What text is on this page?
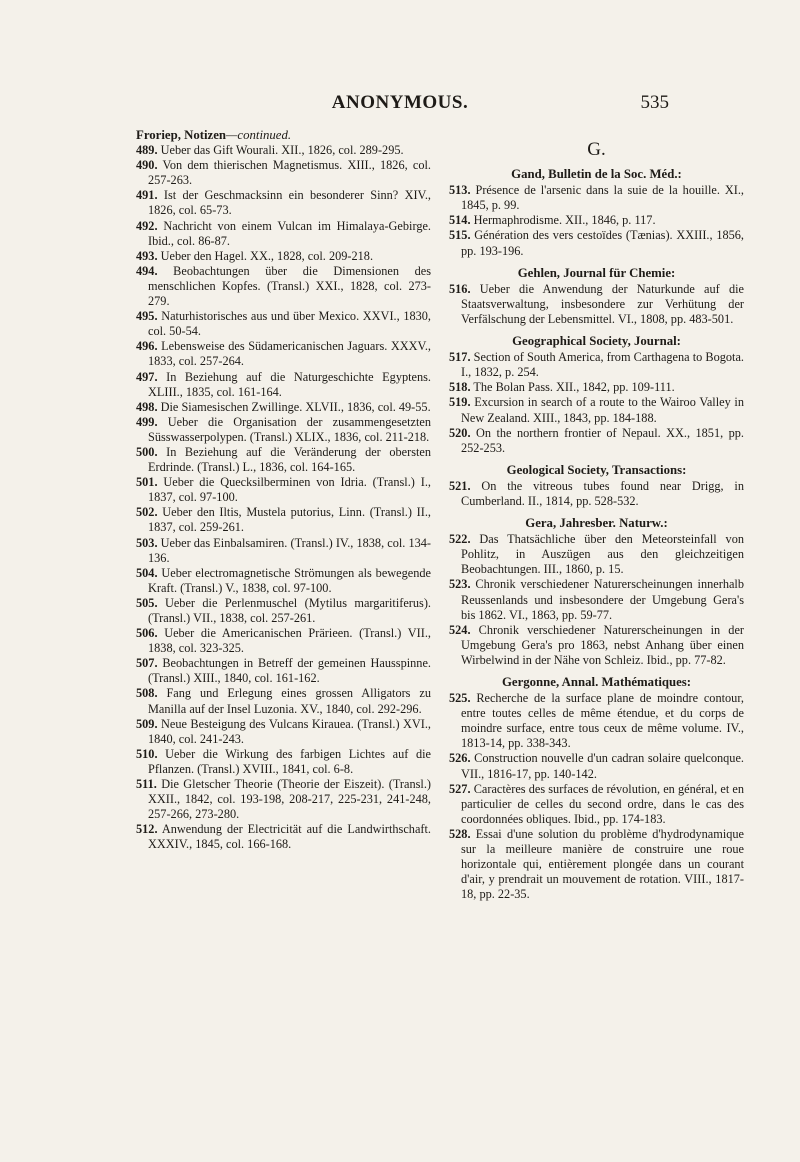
ANONYMOUS.	535
Froriep, Notizen—continued.

489. Ueber das Gift Wourali. XII., 1826, col. 289-295.

490. Von dem thierischen Magnetismus. XIII., 1826, col. 257-263.

491. Ist der Geschmacksinn ein besonderer Sinn? XIV., 1826, col. 65-73.

492. Nachricht von einem Vulcan im Himalaya-Gebirge. Ibid., col. 86-87.

493. Ueber den Hagel. XX., 1828, col. 209-218.

494. Beobachtungen über die Dimensionen des menschlichen Kopfes. (Transl.) XXI., 1828, col. 273-279.

495. Naturhistorisches aus und über Mexico. XXVI., 1830, col. 50-54.

496. Lebensweise des Südamericanischen Jaguars. XXXV., 1833, col. 257-264.

497. In Beziehung auf die Naturgeschichte Egyptens. XLIII., 1835, col. 161-164.

498. Die Siamesischen Zwillinge. XLVII., 1836, col. 49-55.

499. Ueber die Organisation der zusammengesetzten Süsswasserpolypen. (Transl.) XLIX., 1836, col. 211-218.

500. In Beziehung auf die Veränderung der obersten Erdrinde. (Transl.) L., 1836, col. 164-165.

501. Ueber die Quecksilberminen von Idria. (Transl.) I., 1837, col. 97-100.

502. Ueber den Iltis, Mustela putorius, Linn. (Transl.) II., 1837, col. 259-261.

503. Ueber das Einbalsamiren. (Transl.) IV., 1838, col. 134-136.

504. Ueber electromagnetische Strömungen als bewegende Kraft. (Transl.) V., 1838, col. 97-100.

505. Ueber die Perlenmuschel (Mytilus margaritiferus). (Transl.) VII., 1838, col. 257-261.

506. Ueber die Americanischen Prärieen. (Transl.) VII., 1838, col. 323-325.

507. Beobachtungen in Betreff der gemeinen Hausspinne. (Transl.) XIII., 1840, col. 161-162.

508. Fang und Erlegung eines grossen Alligators zu Manilla auf der Insel Luzonia. XV., 1840, col. 292-296.

509. Neue Besteigung des Vulcans Kirauea. (Transl.) XVI., 1840, col. 241-243.

510. Ueber die Wirkung des farbigen Lichtes auf die Pflanzen. (Transl.) XVIII., 1841, col. 6-8.

511. Die Gletscher Theorie (Theorie der Eiszeit). (Transl.) XXII., 1842, col. 193-198, 208-217, 225-231, 241-248, 257-266, 273-280.

512. Anwendung der Electricität auf die Landwirthschaft. XXXIV., 1845, col. 166-168.

G.
Gand, Bulletin de la Soc. Méd.:

513. Présence de l'arsenic dans la suie de la houille. XI., 1845, p. 99.

514. Hermaphrodisme. XII., 1846, p. 117.

515. Génération des vers cestoïdes (Tænias). XXIII., 1856, pp. 193-196.

Gehlen, Journal für Chemie:

516. Ueber die Anwendung der Naturkunde auf die Staatsverwaltung, insbesondere zur Verhütung der Verfälschung der Lebensmittel. VI., 1808, pp. 483-501.

Geographical Society, Journal:

517. Section of South America, from Carthagena to Bogota. I., 1832, p. 254.

518. The Bolan Pass. XII., 1842, pp. 109-111.

519. Excursion in search of a route to the Wairoo Valley in New Zealand. XIII., 1843, pp. 184-188.

520. On the northern frontier of Nepaul. XX., 1851, pp. 252-253.

Geological Society, Transactions:

521. On the vitreous tubes found near Drigg, in Cumberland. II., 1814, pp. 528-532.

Gera, Jahresber. Naturw.:

522. Das Thatsächliche über den Meteorsteinfall von Pohlitz, in Auszügen aus den gleichzeitigen Beobachtungen. III., 1860, p. 15.

523. Chronik verschiedener Naturerscheinungen innerhalb Reussenlands und insbesondere der Umgebung Gera's bis 1862. VI., 1863, pp. 59-77.

524. Chronik verschiedener Naturerscheinungen in der Umgebung Gera's pro 1863, nebst Anhang über einen Wirbelwind in der Nähe von Schleiz. Ibid., pp. 77-82.

Gergonne, Annal. Mathématiques:

525. Recherche de la surface plane de moindre contour, entre toutes celles de même étendue, et du corps de moindre surface, entre tous ceux de même volume. IV., 1813-14, pp. 338-343.

526. Construction nouvelle d'un cadran solaire quelconque. VII., 1816-17, pp. 140-142.

527. Caractères des surfaces de révolution, en général, et en particulier de celles du second ordre, dans le cas des coordonnées obliques. Ibid., pp. 174-183.

528. Essai d'une solution du problème d'hydrodynamique sur la meilleure manière de construire une roue horizontale qui, entièrement plongée dans un courant d'air, y prendrait un mouvement de rotation. VIII., 1817-18, pp. 22-35.
